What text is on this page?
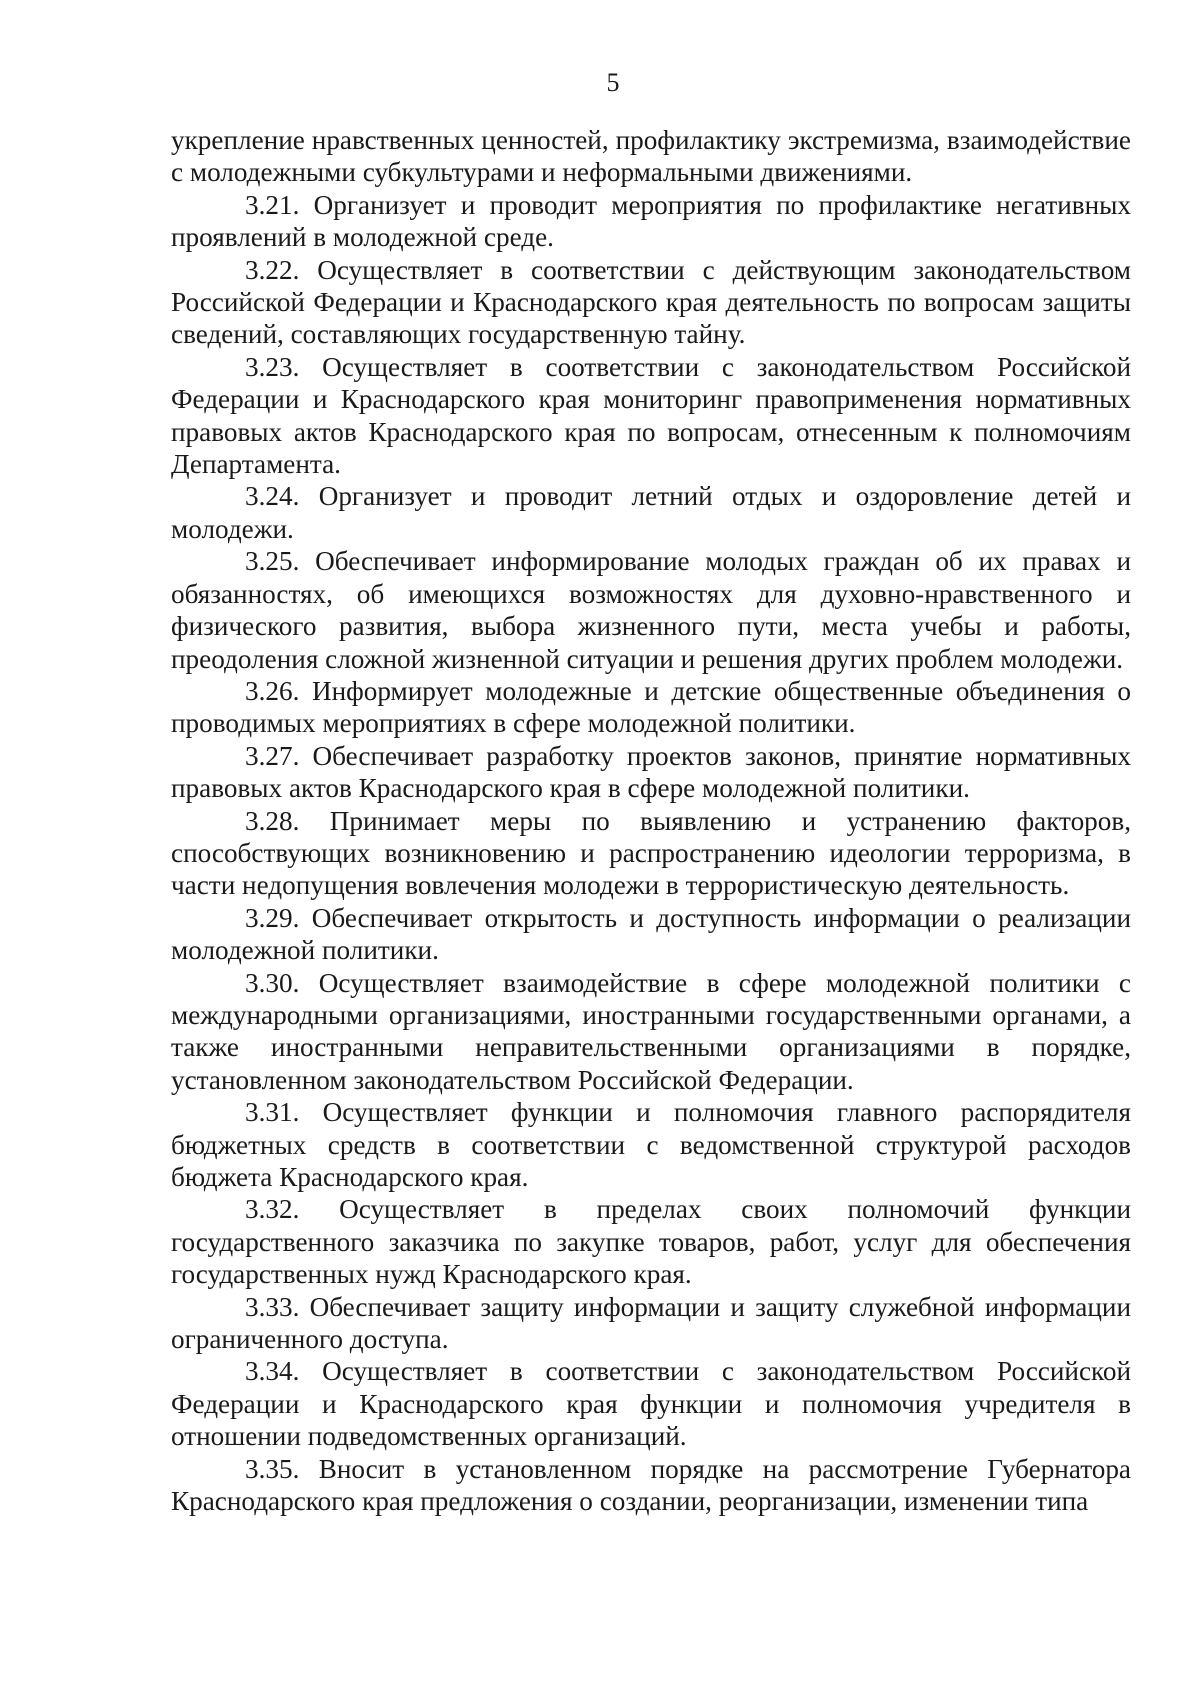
5

укрепление нравственных ценностей, профилактику экстремизма, взаимодействие с молодежными субкультурами и неформальными движениями.

3.21. Организует и проводит мероприятия по профилактике негативных проявлений в молодежной среде.

3.22. Осуществляет в соответствии с действующим законодательством Российской Федерации и Краснодарского края деятельность по вопросам защиты сведений, составляющих государственную тайну.

3.23. Осуществляет в соответствии с законодательством Российской Федерации и Краснодарского края мониторинг правоприменения нормативных правовых актов Краснодарского края по вопросам, отнесенным к полномочиям Департамента.

3.24. Организует и проводит летний отдых и оздоровление детей и молодежи.

3.25. Обеспечивает информирование молодых граждан об их правах и обязанностях, об имеющихся возможностях для духовно-нравственного и физического развития, выбора жизненного пути, места учебы и работы, преодоления сложной жизненной ситуации и решения других проблем молодежи.

3.26. Информирует молодежные и детские общественные объединения о проводимых мероприятиях в сфере молодежной политики.

3.27. Обеспечивает разработку проектов законов, принятие нормативных правовых актов Краснодарского края в сфере молодежной политики.

3.28. Принимает меры по выявлению и устранению факторов, способствующих возникновению и распространению идеологии терроризма, в части недопущения вовлечения молодежи в террористическую деятельность.

3.29. Обеспечивает открытость и доступность информации о реализации молодежной политики.

3.30. Осуществляет взаимодействие в сфере молодежной политики с международными организациями, иностранными государственными органами, а также иностранными неправительственными организациями в порядке, установленном законодательством Российской Федерации.

3.31. Осуществляет функции и полномочия главного распорядителя бюджетных средств в соответствии с ведомственной структурой расходов бюджета Краснодарского края.

3.32. Осуществляет в пределах своих полномочий функции государственного заказчика по закупке товаров, работ, услуг для обеспечения государственных нужд Краснодарского края.

3.33. Обеспечивает защиту информации и защиту служебной информации ограниченного доступа.

3.34. Осуществляет в соответствии с законодательством Российской Федерации и Краснодарского края функции и полномочия учредителя в отношении подведомственных организаций.

3.35. Вносит в установленном порядке на рассмотрение Губернатора Краснодарского края предложения о создании, реорганизации, изменении типа
